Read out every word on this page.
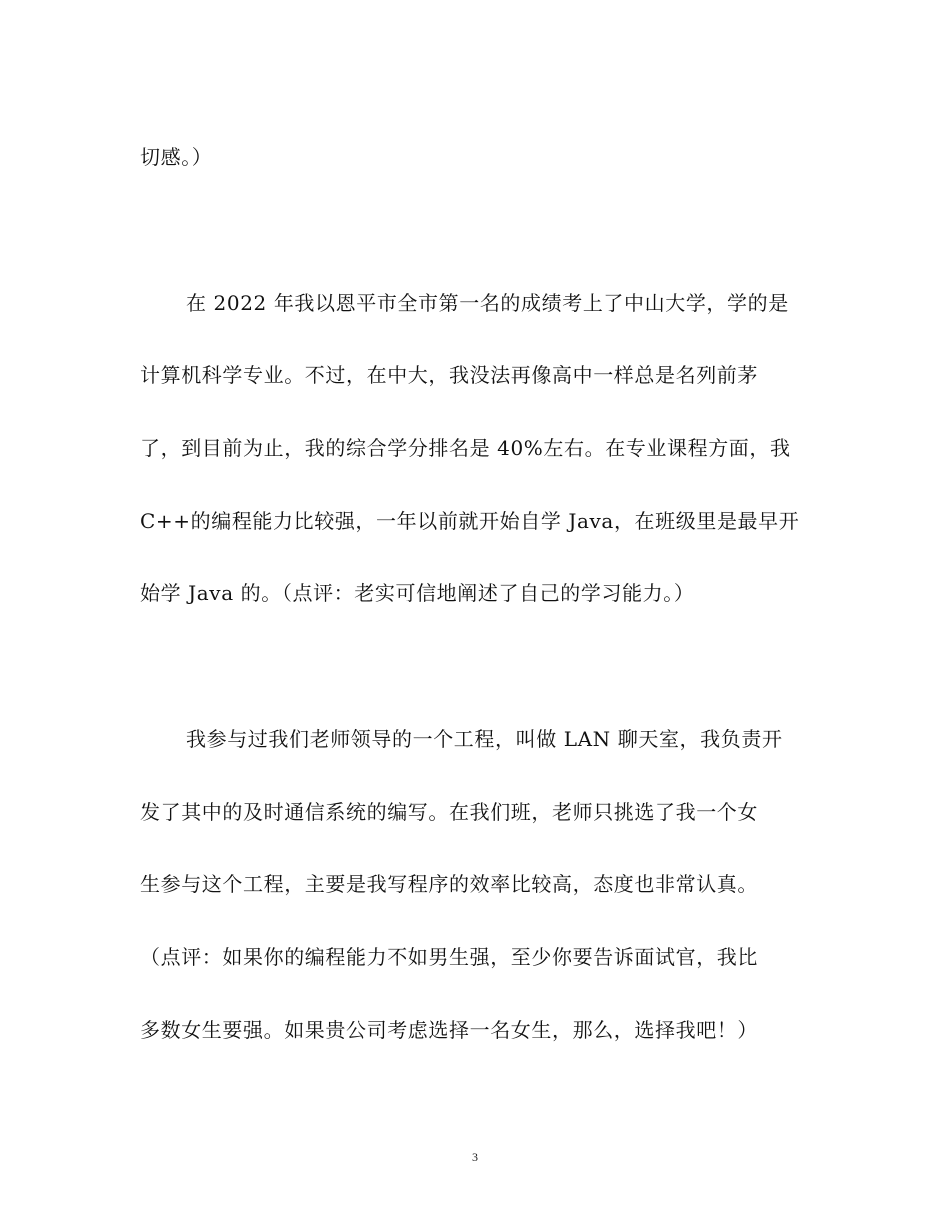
切感。）
在 2022 年我以恩平市全市第一名的成绩考上了中山大学，学的是
计算机科学专业。不过，在中大，我没法再像高中一样总是名列前茅
了，到目前为止，我的综合学分排名是 40%左右。在专业课程方面，我
C++的编程能力比较强，一年以前就开始自学 Java，在班级里是最早开
始学 Java 的。（点评：老实可信地阐述了自己的学习能力。）
我参与过我们老师领导的一个工程，叫做 LAN 聊天室，我负责开
发了其中的及时通信系统的编写。在我们班，老师只挑选了我一个女
生参与这个工程，主要是我写程序的效率比较高，态度也非常认真。
（点评：如果你的编程能力不如男生强，至少你要告诉面试官，我比
多数女生要强。如果贵公司考虑选择一名女生，那么，选择我吧！）
3
